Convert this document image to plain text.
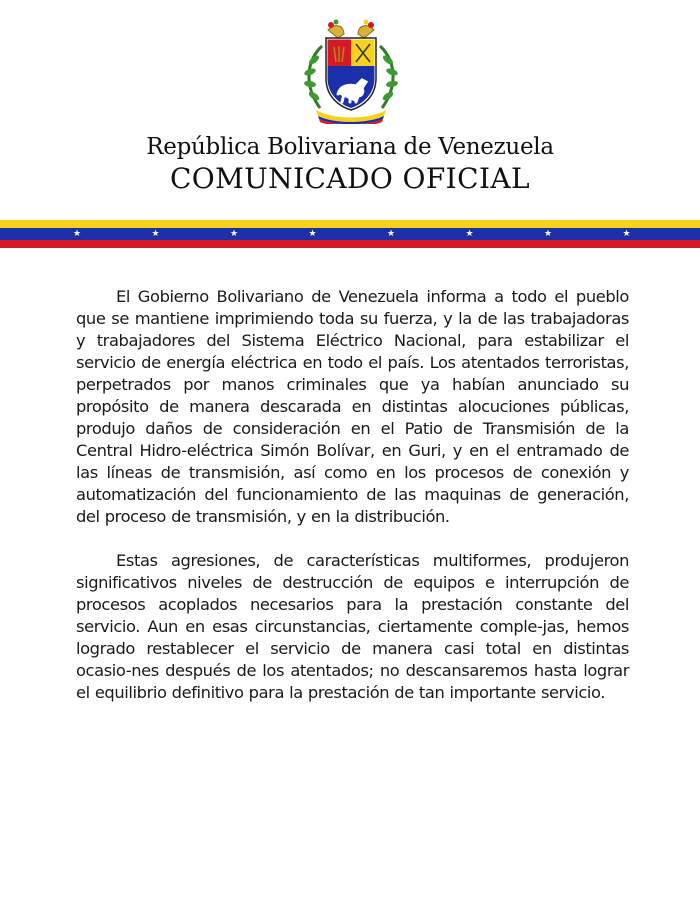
República Bolivariana de Venezuela
COMUNICADO OFICIAL
★	★	★	★	★	★	★	★

El Gobierno Bolivariano de Venezuela informa a todo el pueblo que se mantiene imprimiendo toda su fuerza, y la de las trabajadoras y trabajadores del Sistema Eléctrico Nacional, para estabilizar el servicio de energía eléctrica en todo el país. Los atentados terroristas, perpetrados por manos criminales que ya habían anunciado su propósito de manera descarada en distintas alocuciones públicas, produjo daños de consideración en el Patio de Transmisión de la Central Hidro-eléctrica Simón Bolívar, en Guri, y en el entramado de las líneas de transmisión, así como en los procesos de conexión y automatización del funcionamiento de las maquinas de generación, del proceso de transmisión, y en la distribución.

Estas agresiones, de características multiformes, produjeron significativos niveles de destrucción de equipos e interrupción de procesos acoplados necesarios para la prestación constante del servicio. Aun en esas circunstancias, ciertamente comple-jas, hemos logrado restablecer el servicio de manera casi total en distintas ocasio-nes después de los atentados; no descansaremos hasta lograr el equilibrio definitivo para la prestación de tan importante servicio.
